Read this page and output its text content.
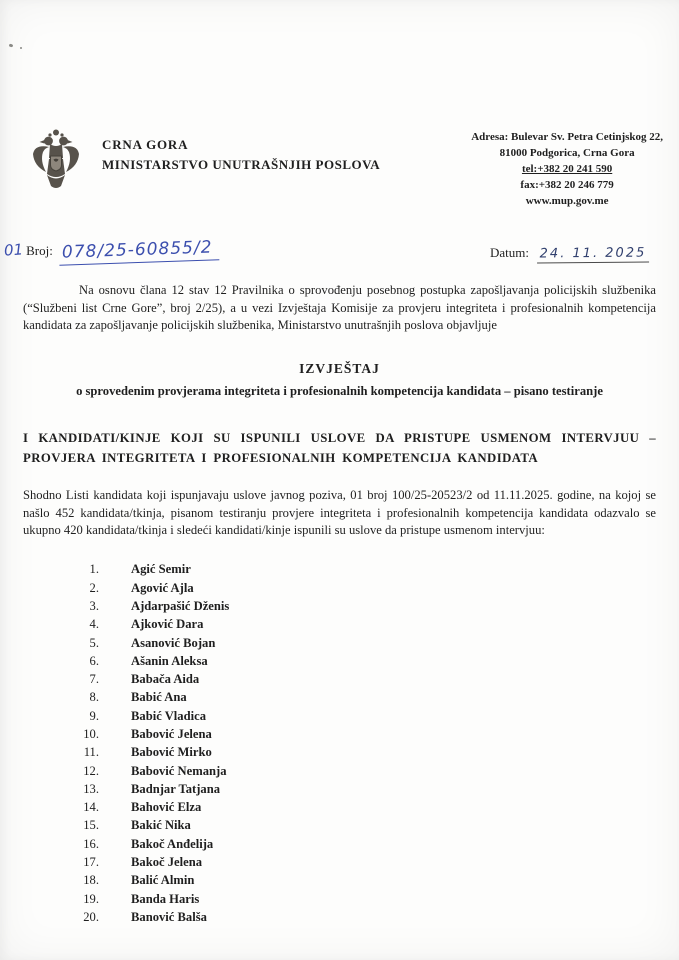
CRNA GORA
MINISTARSTVO UNUTRAŠNJIH POSLOVA
Adresa: Bulevar Sv. Petra Cetinjskog 22,
81000 Podgorica, Crna Gora
tel:+382 20 241 590
fax:+382 20 246 779
www.mup.gov.me
01 Broj: 078/25-60855/2	Datum: 24. 11. 2025

Na osnovu člana 12 stav 12 Pravilnika o sprovođenju posebnog postupka zapošljavanja policijskih službenika (“Službeni list Crne Gore”, broj 2/25), a u vezi Izvještaja Komisije za provjeru integriteta i profesionalnih kompetencija kandidata za zapošljavanje policijskih službenika, Ministarstvo unutrašnjih poslova objavljuje

IZVJEŠTAJ
o sprovedenim provjerama integriteta i profesionalnih kompetencija kandidata – pisano testiranje
I KANDIDATI/KINJE KOJI SU ISPUNILI USLOVE DA PRISTUPE USMENOM INTERVJUU – PROVJERA INTEGRITETA I PROFESIONALNIH KOMPETENCIJA KANDIDATA

Shodno Listi kandidata koji ispunjavaju uslove javnog poziva, 01 broj 100/25-20523/2 od 11.11.2025. godine, na kojoj se našlo 452 kandidata/tkinja, pisanom testiranju provjere integriteta i profesionalnih kompetencija kandidata odazvalo se ukupno 420 kandidata/tkinja i sledeći kandidati/kinje ispunili su uslove da pristupe usmenom intervjuu:

1.	Agić Semir
2.	Agović Ajla
3.	Ajdarpašić Dženis
4.	Ajković Dara
5.	Asanović Bojan
6.	Ašanin Aleksa
7.	Babača Aida
8.	Babić Ana
9.	Babić Vladica
10.	Babović Jelena
11.	Babović Mirko
12.	Babović Nemanja
13.	Badnjar Tatjana
14.	Bahović Elza
15.	Bakić Nika
16.	Bakoč Anđelija
17.	Bakoč Jelena
18.	Balić Almin
19.	Banda Haris
20.	Banović Balša
